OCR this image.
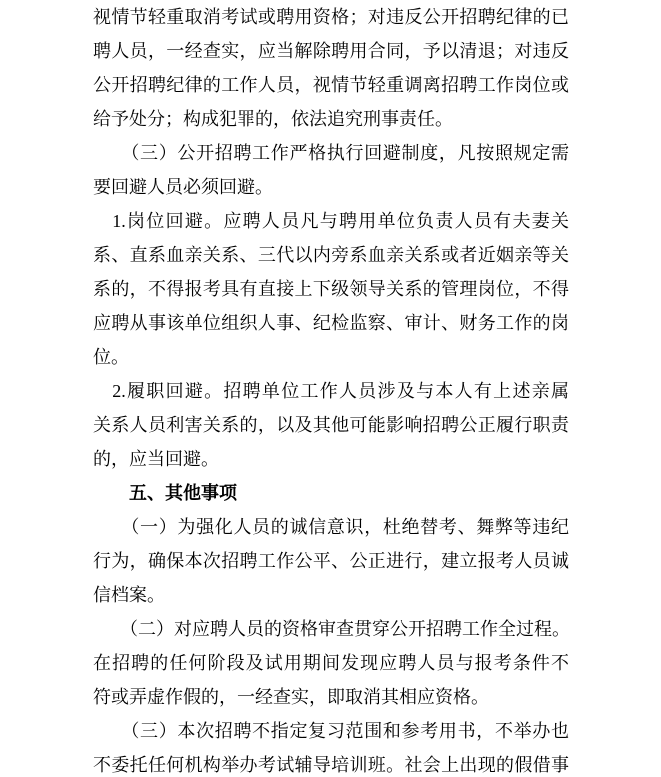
视情节轻重取消考试或聘用资格；对违反公开招聘纪律的已
聘人员，一经查实，应当解除聘用合同，予以清退；对违反
公开招聘纪律的工作人员，视情节轻重调离招聘工作岗位或
给予处分；构成犯罪的，依法追究刑事责任。
　　（三）公开招聘工作严格执行回避制度，凡按照规定需
要回避人员必须回避。
　1.岗位回避。应聘人员凡与聘用单位负责人员有夫妻关
系、直系血亲关系、三代以内旁系血亲关系或者近姻亲等关
系的，不得报考具有直接上下级领导关系的管理岗位，不得
应聘从事该单位组织人事、纪检监察、审计、财务工作的岗
位。
　2.履职回避。招聘单位工作人员涉及与本人有上述亲属
关系人员利害关系的，以及其他可能影响招聘公正履行职责
的，应当回避。
　　五、其他事项
　　（一）为强化人员的诚信意识，杜绝替考、舞弊等违纪
行为，确保本次招聘工作公平、公正进行，建立报考人员诚
信档案。
　　（二）对应聘人员的资格审查贯穿公开招聘工作全过程。
在招聘的任何阶段及试用期间发现应聘人员与报考条件不
符或弄虚作假的，一经查实，即取消其相应资格。
　　（三）本次招聘不指定复习范围和参考用书，不举办也
不委托任何机构举办考试辅导培训班。社会上出现的假借事
